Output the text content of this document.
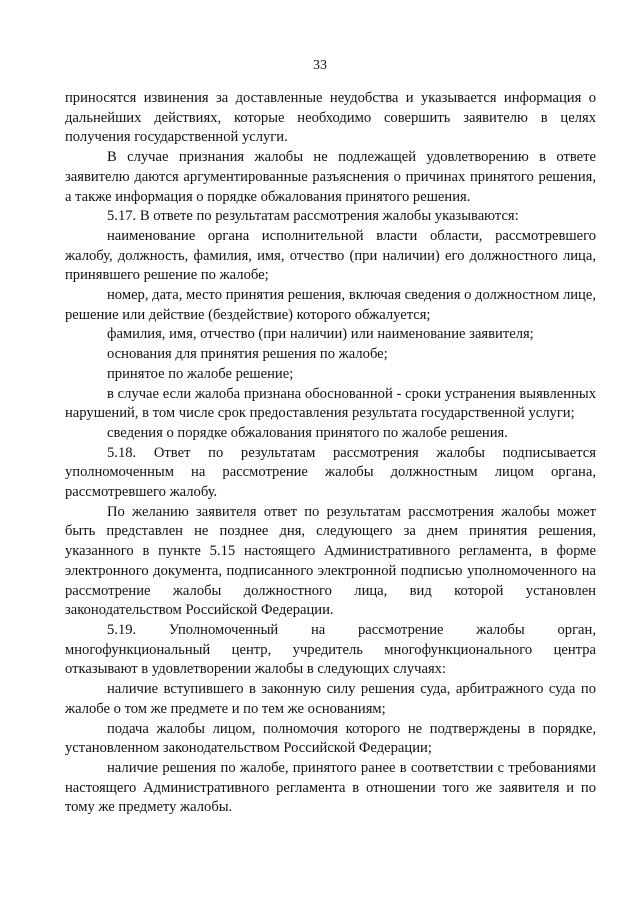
33

приносятся извинения за доставленные неудобства и указывается информация о дальнейших действиях, которые необходимо совершить заявителю в целях получения государственной услуги.

В случае признания жалобы не подлежащей удовлетворению в ответе заявителю даются аргументированные разъяснения о причинах принятого решения, а также информация о порядке обжалования принятого решения.

5.17. В ответе по результатам рассмотрения жалобы указываются:

наименование органа исполнительной власти области, рассмотревшего жалобу, должность, фамилия, имя, отчество (при наличии) его должностного лица, принявшего решение по жалобе;

номер, дата, место принятия решения, включая сведения о должностном лице, решение или действие (бездействие) которого обжалуется;

фамилия, имя, отчество (при наличии) или наименование заявителя;

основания для принятия решения по жалобе;

принятое по жалобе решение;

в случае если жалоба признана обоснованной - сроки устранения выявленных нарушений, в том числе срок предоставления результата государственной услуги;

сведения о порядке обжалования принятого по жалобе решения.

5.18. Ответ по результатам рассмотрения жалобы подписывается уполномоченным на рассмотрение жалобы должностным лицом органа, рассмотревшего жалобу.

По желанию заявителя ответ по результатам рассмотрения жалобы может быть представлен не позднее дня, следующего за днем принятия решения, указанного в пункте 5.15 настоящего Административного регламента, в форме электронного документа, подписанного электронной подписью уполномоченного на рассмотрение жалобы должностного лица, вид которой установлен законодательством Российской Федерации.

5.19. Уполномоченный на рассмотрение жалобы орган, многофункциональный центр, учредитель многофункционального центра отказывают в удовлетворении жалобы в следующих случаях:

наличие вступившего в законную силу решения суда, арбитражного суда по жалобе о том же предмете и по тем же основаниям;

подача жалобы лицом, полномочия которого не подтверждены в порядке, установленном законодательством Российской Федерации;

наличие решения по жалобе, принятого ранее в соответствии с требованиями настоящего Административного регламента в отношении того же заявителя и по тому же предмету жалобы.
